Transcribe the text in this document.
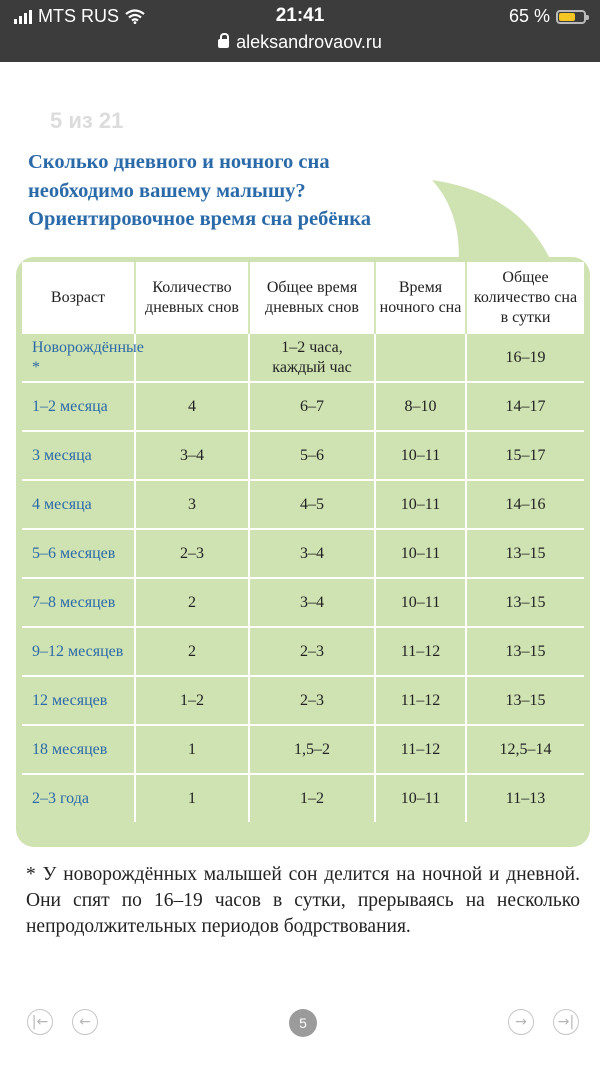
MTS RUS	21:41	65 %
aleksandrovaov.ru
5 из 21
Сколько дневного и ночного сна
необходимо вашему малышу?
Ориентировочное время сна ребёнка
Возраст	Количество дневных снов	Общее время дневных снов	Время ночного сна	Общее количество сна в сутки
Новорождённые *		1–2 часа, каждый час		16–19
1–2 месяца	4	6–7	8–10	14–17
3 месяца	3–4	5–6	10–11	15–17
4 месяца	3	4–5	10–11	14–16
5–6 месяцев	2–3	3–4	10–11	13–15
7–8 месяцев	2	3–4	10–11	13–15
9–12 месяцев	2	2–3	11–12	13–15
12 месяцев	1–2	2–3	11–12	13–15
18 месяцев	1	1,5–2	11–12	12,5–14
2–3 года	1	1–2	10–11	11–13
* У новорождённых малышей сон делится на ночной и дневной. Они спят по 16–19 часов в сутки, прерываясь на несколько непродолжительных периодов бодрствования.
|← ←	5	→ →|
